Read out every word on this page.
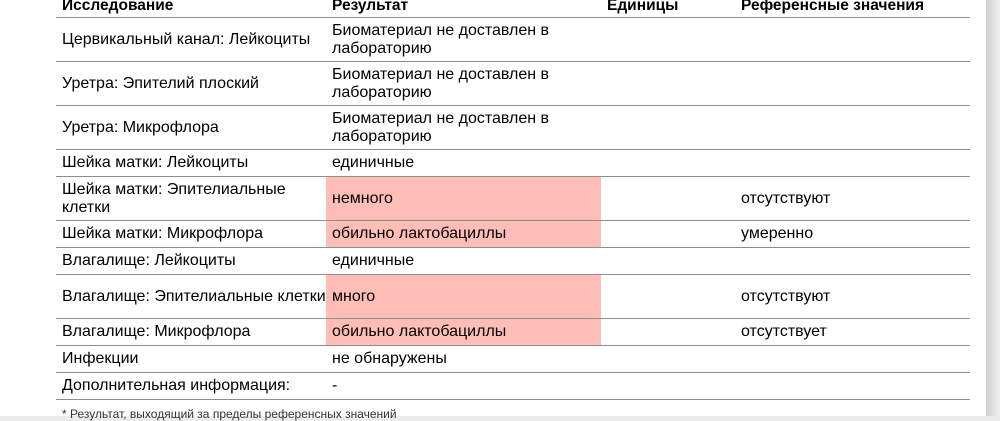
Исследование	Результат	Единицы	Референсные значения
Цервикальный канал: Лейкоциты	Биоматериал не доставлен в лабораторию		
Уретра: Эпителий плоский	Биоматериал не доставлен в лабораторию		
Уретра: Микрофлора	Биоматериал не доставлен в лабораторию		
Шейка матки: Лейкоциты	единичные		
Шейка матки: Эпителиальные клетки	немного		отсутствуют
Шейка матки: Микрофлора	обильно лактобациллы		умеренно
Влагалище: Лейкоциты	единичные		
Влагалище: Эпителиальные клетки	много		отсутствуют
Влагалище: Микрофлора	обильно лактобациллы		отсутствует
Инфекции	не обнаружены		
Дополнительная информация:	-		
* Результат, выходящий за пределы референсных значений
